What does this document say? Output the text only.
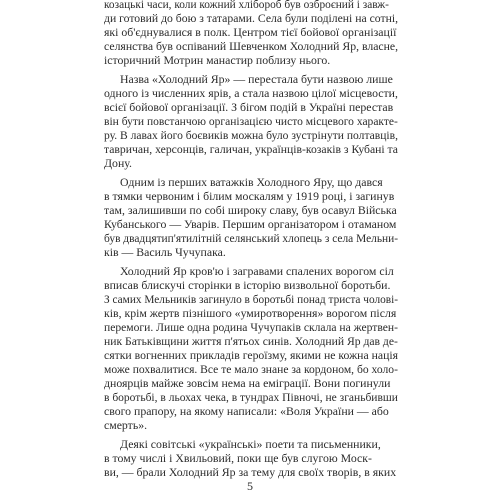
козацькі часи, коли кожний хлібороб був озброєний і завж-
ди готовий до бою з татарами. Села були поділені на сотні,
які об'єднувалися в полк. Центром тієї бойової організації
селянства був оспіваний Шевченком Холодний Яр, власне,
історичний Мотрин манастир поблизу нього.
Назва «Холодний Яр» — перестала бути назвою лише
одного із численних ярів, а стала назвою цілої місцевости,
всієї бойової організації. З бігом подій в Україні перестав
він бути повстанчою організацією чисто місцевого характе-
ру. В лавах його боєвиків можна було зустрінути полтавців,
тавричан, херсонців, галичан, українців-козаків з Кубані та
Дону.
Одним із перших ватажків Холодного Яру, що дався
в тямки червоним і білим москалям у 1919 році, і загинув
там, залишивши по собі широку славу, був осавул Війська
Кубанського — Уварів. Першим організатором і отаманом
був двадцятип'ятилітній селянський хлопець з села Мельни-
ків — Василь Чучупака.
Холодний Яр кров'ю і загравами спалених ворогом сіл
вписав блискучі сторінки в історію визвольної боротьби.
З самих Мельників загинуло в боротьбі понад триста чолові-
ків, крім жертв пізнішого «умиротворення» ворогом після
перемоги. Лише одна родина Чучупаків склала на жертвен-
ник Батьківщини життя п'ятьох синів. Холодний Яр дав де-
сятки вогненних прикладів героїзму, якими не кожна нація
може похвалитися. Все те мало знане за кордоном, бо холо-
дноярців майже зовсім нема на еміграції. Вони погинули
в боротьбі, в льохах чека, в тундрах Півночі, не зганьбивши
свого прапору, на якому написали: «Воля України — або
смерть».
Деякі совітські «українські» поети та письменники,
в тому числі і Хвильовий, поки ще був слугою Моск-
ви, — брали Холодний Яр за тему для своїх творів, в яких
5
